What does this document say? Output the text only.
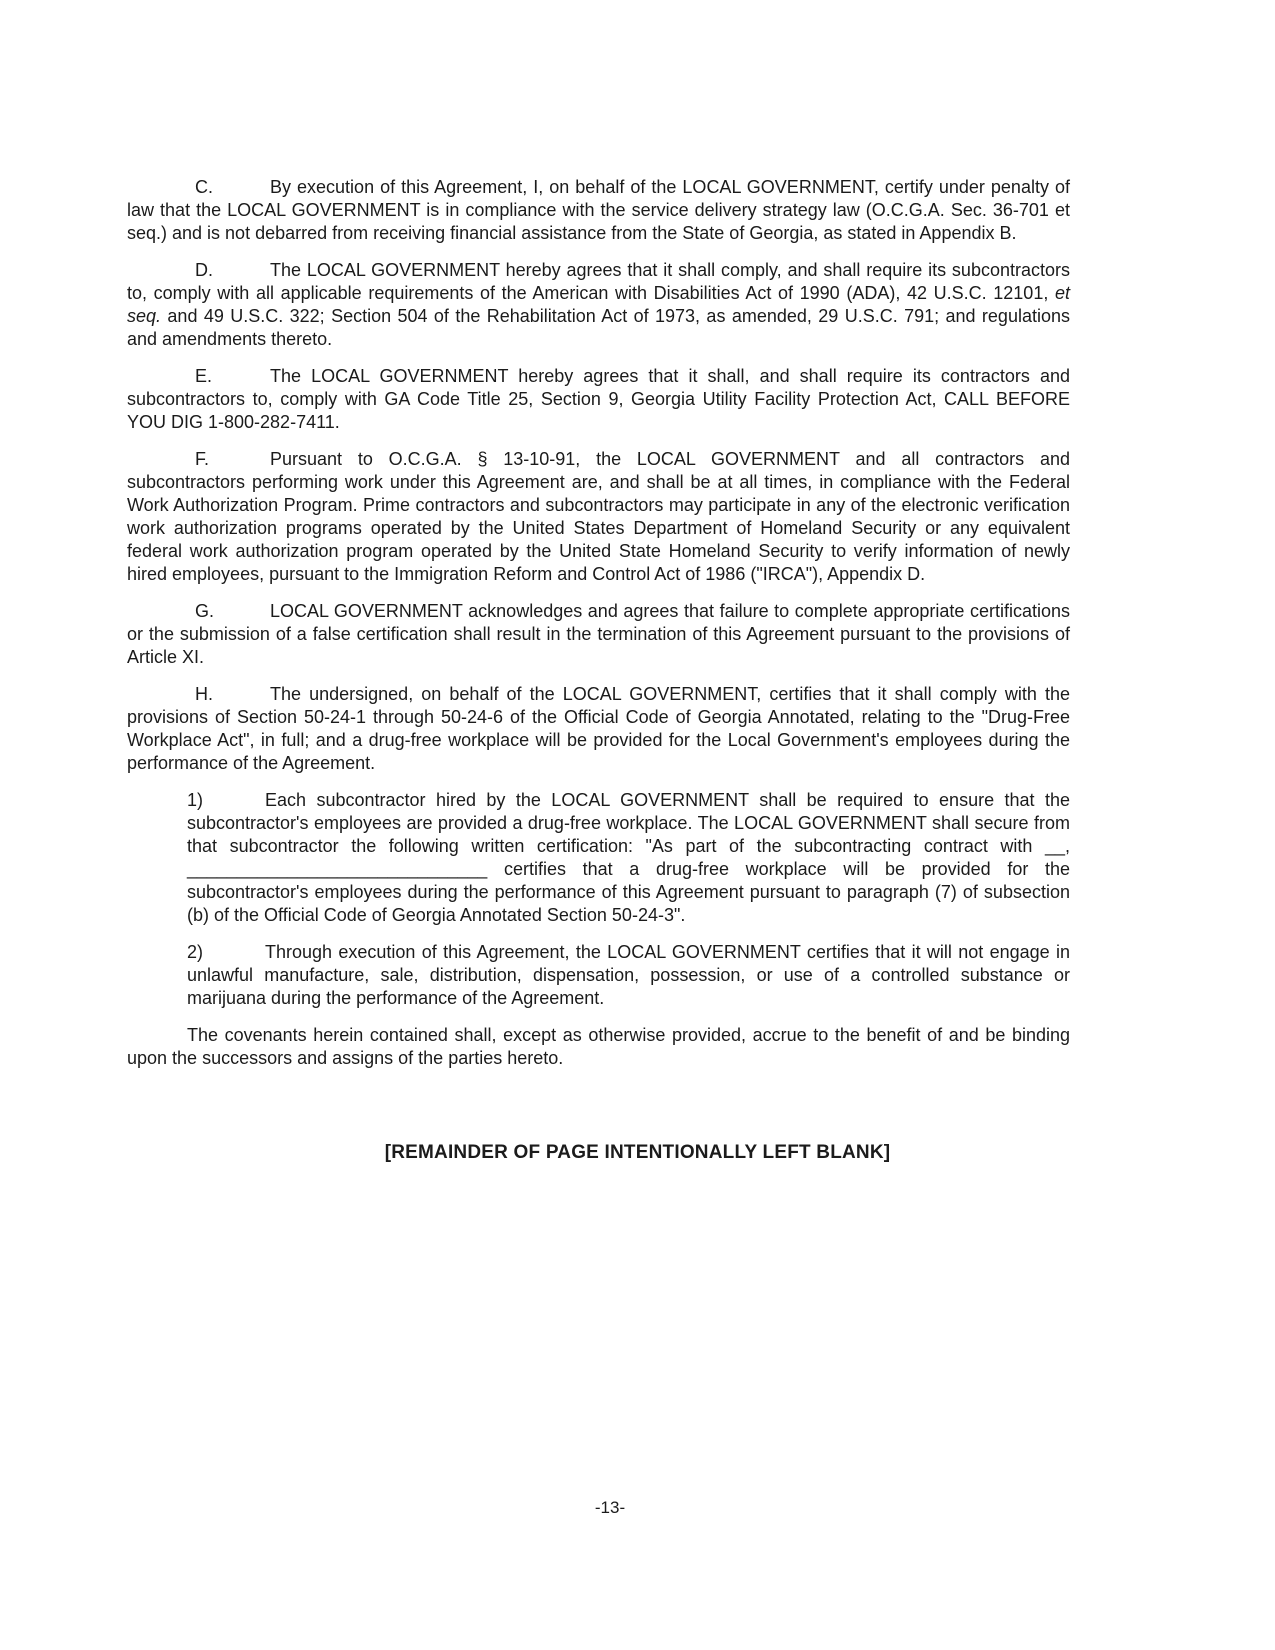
C.	By execution of this Agreement, I, on behalf of the LOCAL GOVERNMENT, certify under penalty of law that the LOCAL GOVERNMENT is in compliance with the service delivery strategy law (O.C.G.A. Sec. 36-701 et seq.) and is not debarred from receiving financial assistance from the State of Georgia, as stated in Appendix B.

D.	The LOCAL GOVERNMENT hereby agrees that it shall comply, and shall require its subcontractors to, comply with all applicable requirements of the American with Disabilities Act of 1990 (ADA), 42 U.S.C. 12101, et seq. and 49 U.S.C. 322; Section 504 of the Rehabilitation Act of 1973, as amended, 29 U.S.C. 791; and regulations and amendments thereto.

E.	The LOCAL GOVERNMENT hereby agrees that it shall, and shall require its contractors and subcontractors to, comply with GA Code Title 25, Section 9, Georgia Utility Facility Protection Act, CALL BEFORE YOU DIG 1-800-282-7411.

F.	Pursuant to O.C.G.A. § 13-10-91, the LOCAL GOVERNMENT and all contractors and subcontractors performing work under this Agreement are, and shall be at all times, in compliance with the Federal Work Authorization Program. Prime contractors and subcontractors may participate in any of the electronic verification work authorization programs operated by the United States Department of Homeland Security or any equivalent federal work authorization program operated by the United State Homeland Security to verify information of newly hired employees, pursuant to the Immigration Reform and Control Act of 1986 ("IRCA"), Appendix D.

G.	LOCAL GOVERNMENT acknowledges and agrees that failure to complete appropriate certifications or the submission of a false certification shall result in the termination of this Agreement pursuant to the provisions of Article XI.

H.	The undersigned, on behalf of the LOCAL GOVERNMENT, certifies that it shall comply with the provisions of Section 50-24-1 through 50-24-6 of the Official Code of Georgia Annotated, relating to the "Drug-Free Workplace Act", in full; and a drug-free workplace will be provided for the Local Government's employees during the performance of the Agreement.

1)	Each subcontractor hired by the LOCAL GOVERNMENT shall be required to ensure that the subcontractor's employees are provided a drug-free workplace. The LOCAL GOVERNMENT shall secure from that subcontractor the following written certification: "As part of the subcontracting contract with __, ______________________________ certifies that a drug-free workplace will be provided for the subcontractor's employees during the performance of this Agreement pursuant to paragraph (7) of subsection (b) of the Official Code of Georgia Annotated Section 50-24-3".

2)	Through execution of this Agreement, the LOCAL GOVERNMENT certifies that it will not engage in unlawful manufacture, sale, distribution, dispensation, possession, or use of a controlled substance or marijuana during the performance of the Agreement.

The covenants herein contained shall, except as otherwise provided, accrue to the benefit of and be binding upon the successors and assigns of the parties hereto.

[REMAINDER OF PAGE INTENTIONALLY LEFT BLANK]
-13-
